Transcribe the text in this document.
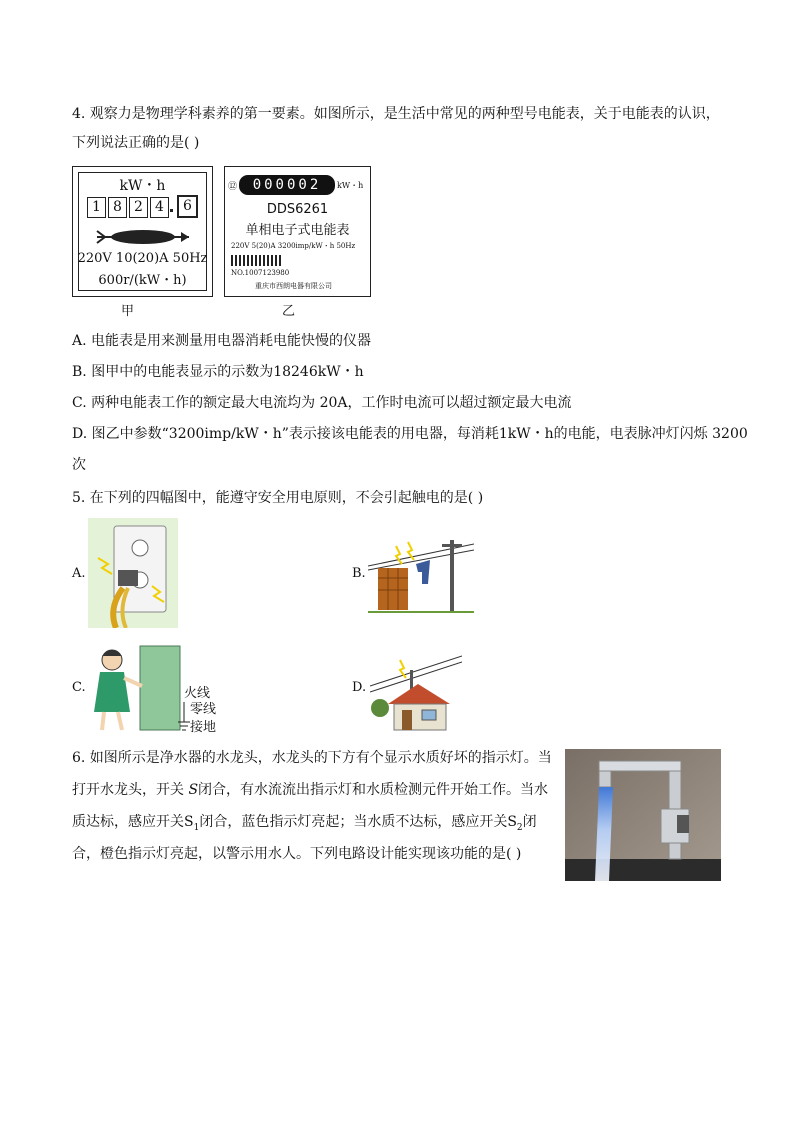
4. 观察力是物理学科素养的第一要素。如图所示，是生活中常见的两种型号电能表，关于电能表的认识，
下列说法正确的是( )
kW・h
1 8 2 4	6
220V 10(20)A 50Hz
600r/(kW・h)
甲
⑫	000002	kW・h
DDS6261
单相电子式电能表
220V 5(20)A 3200imp/kW・h 50Hz
NO.1007123980
重庆市西朗电器有限公司
乙
A. 电能表是用来测量用电器消耗电能快慢的仪器
B. 图甲中的电能表显示的示数为18246kW・h
C. 两种电能表工作的额定最大电流均为 20A，工作时电流可以超过额定最大电流
D. 图乙中参数“3200imp/kW・h”表示接该电能表的用电器，每消耗1kW・h的电能，电表脉冲灯闪烁 3200
次
5. 在下列的四幅图中，能遵守安全用电原则，不会引起触电的是( )
A.	B.
C.	火线
零线
接地
D.
6. 如图所示是净水器的水龙头，水龙头的下方有个显示水质好坏的指示灯。当
打开水龙头，开关 S闭合，有水流流出指示灯和水质检测元件开始工作。当水
质达标，感应开关$S_1$闭合，蓝色指示灯亮起；当水质不达标，感应开关$S_2$闭
合，橙色指示灯亮起，以警示用水人。下列电路设计能实现该功能的是( )
